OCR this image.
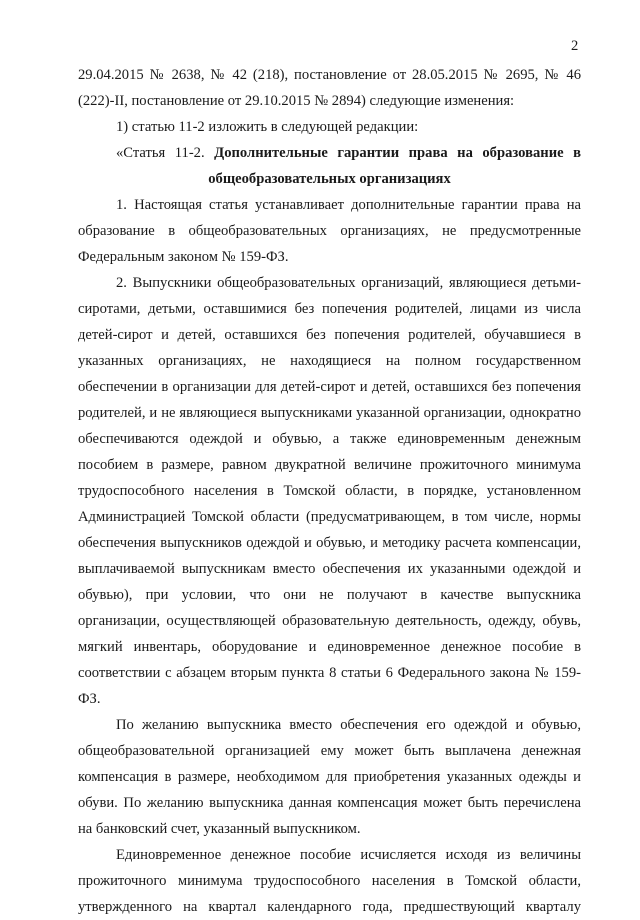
2

29.04.2015 № 2638, № 42 (218), постановление от 28.05.2015 № 2695, № 46 (222)-II, постановление от 29.10.2015 № 2894) следующие изменения:

1) статью 11-2 изложить в следующей редакции:

«Статья 11-2. Дополнительные гарантии права на образование в

общеобразовательных организациях

1. Настоящая статья устанавливает дополнительные гарантии права на образование в общеобразовательных организациях, не предусмотренные Федеральным законом № 159-ФЗ.

2. Выпускники общеобразовательных организаций, являющиеся детьми-сиротами, детьми, оставшимися без попечения родителей, лицами из числа детей-сирот и детей, оставшихся без попечения родителей, обучавшиеся в указанных организациях, не находящиеся на полном государственном обеспечении в организации для детей-сирот и детей, оставшихся без попечения родителей, и не являющиеся выпускниками указанной организации, однократно обеспечиваются одеждой и обувью, а также единовременным денежным пособием в размере, равном двукратной величине прожиточного минимума трудоспособного населения в Томской области, в порядке, установленном Администрацией Томской области (предусматривающем, в том числе, нормы обеспечения выпускников одеждой и обувью, и методику расчета компенсации, выплачиваемой выпускникам вместо обеспечения их указанными одеждой и обувью), при условии, что они не получают в качестве выпускника организации, осуществляющей образовательную деятельность, одежду, обувь, мягкий инвентарь, оборудование и единовременное денежное пособие в соответствии с абзацем вторым пункта 8 статьи 6 Федерального закона № 159-ФЗ.

По желанию выпускника вместо обеспечения его одеждой и обувью, общеобразовательной организацией ему может быть выплачена денежная компенсация в размере, необходимом для приобретения указанных одежды и обуви. По желанию выпускника данная компенсация может быть перечислена на банковский счет, указанный выпускником.

Единовременное денежное пособие исчисляется исходя из величины прожиточного минимума трудоспособного населения в Томской области, утвержденного на квартал календарного года, предшествующий кварталу
